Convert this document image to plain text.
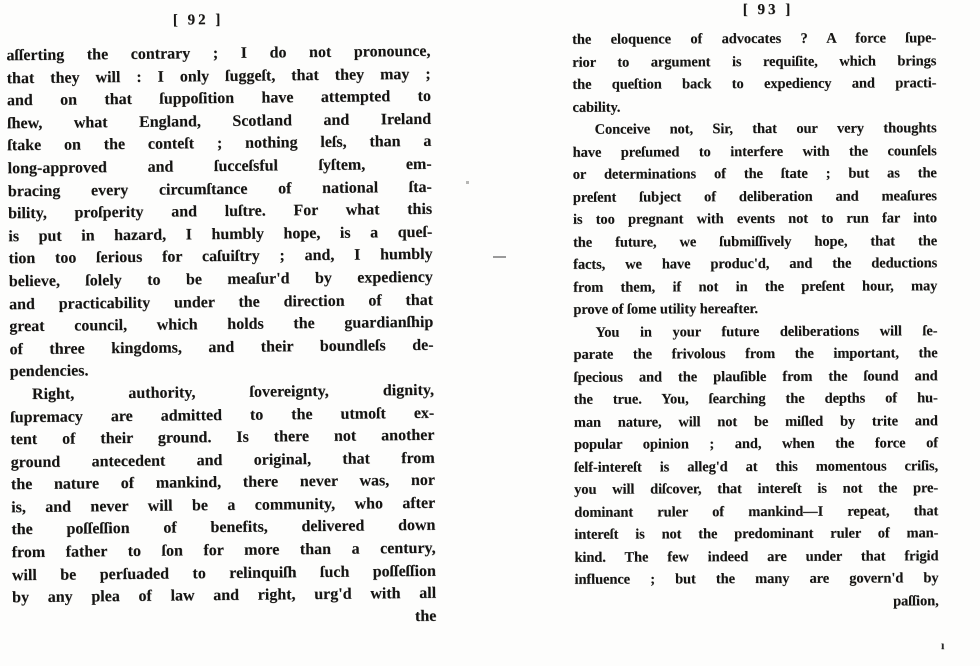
[ 92 ]
aſſerting the contrary ; I do not pronounce,
that they will : I only ſuggeſt, that they may ;
and on that ſuppoſition have attempted to
ſhew, what England, Scotland and Ireland
ſtake on the conteſt ; nothing leſs, than a
long-approved and ſucceſsful ſyſtem, em-
bracing every circumſtance of national ſta-
bility, proſperity and luſtre. For what this
is put in hazard, I humbly hope, is a queſ-
tion too ſerious for caſuiſtry ; and, I humbly
believe, ſolely to be meaſur'd by expediency
and practicability under the direction of that
great council, which holds the guardianſhip
of three kingdoms, and their boundleſs de-
pendencies.
Right, authority, ſovereignty, dignity,
ſupremacy are admitted to the utmoſt ex-
tent of their ground. Is there not another
ground antecedent and original, that from
the nature of mankind, there never was, nor
is, and never will be a community, who after
the poſſeſſion of benefits, delivered down
from father to ſon for more than a century,
will be perſuaded to relinquiſh ſuch poſſeſſion
by any plea of law and right, urg'd with all
the
[ 93 ]
the eloquence of advocates ? A force ſupe-
rior to argument is requiſite, which brings
the queſtion back to expediency and practi-
cability.
Conceive not, Sir, that our very thoughts
have preſumed to interfere with the counſels
or determinations of the ſtate ; but as the
preſent ſubject of deliberation and meaſures
is too pregnant with events not to run far into
the future, we ſubmiſſively hope, that the
facts, we have produc'd, and the deductions
from them, if not in the preſent hour, may
prove of ſome utility hereafter.
You in your future deliberations will ſe-
parate the frivolous from the important, the
ſpecious and the plauſible from the ſound and
the true. You, ſearching the depths of hu-
man nature, will not be miſled by trite and
popular opinion ; and, when the force of
ſelf-intereſt is alleg'd at this momentous criſis,
you will diſcover, that intereſt is not the pre-
dominant ruler of mankind—I repeat, that
intereſt is not the predominant ruler of man-
kind. The few indeed are under that frigid
influence ; but the many are govern'd by
paſſion,
ı
